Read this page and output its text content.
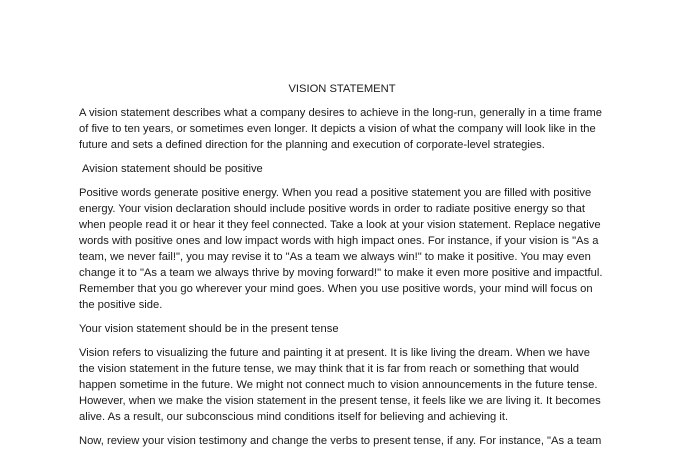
VISION STATEMENT

A vision statement describes what a company desires to achieve in the long-run, generally in a time frame of five to ten years, or sometimes even longer. It depicts a vision of what the company will look like in the future and sets a defined direction for the planning and execution of corporate-level strategies.

Avision statement should be positive

Positive words generate positive energy. When you read a positive statement you are filled with positive energy. Your vision declaration should include positive words in order to radiate positive energy so that when people read it or hear it they feel connected. Take a look at your vision statement. Replace negative words with positive ones and low impact words with high impact ones. For instance, if your vision is "As a team, we never fail!", you may revise it to "As a team we always win!" to make it positive. You may even change it to "As a team we always thrive by moving forward!" to make it even more positive and impactful. Remember that you go wherever your mind goes. When you use positive words, your mind will focus on the positive side.

Your vision statement should be in the present tense

Vision refers to visualizing the future and painting it at present. It is like living the dream. When we have the vision statement in the future tense, we may think that it is far from reach or something that would happen sometime in the future. We might not connect much to vision announcements in the future tense. However, when we make the vision statement in the present tense, it feels like we are living it. It becomes alive. As a result, our subconscious mind conditions itself for believing and achieving it.

Now, review your vision testimony and change the verbs to present tense, if any. For instance, "As a team
